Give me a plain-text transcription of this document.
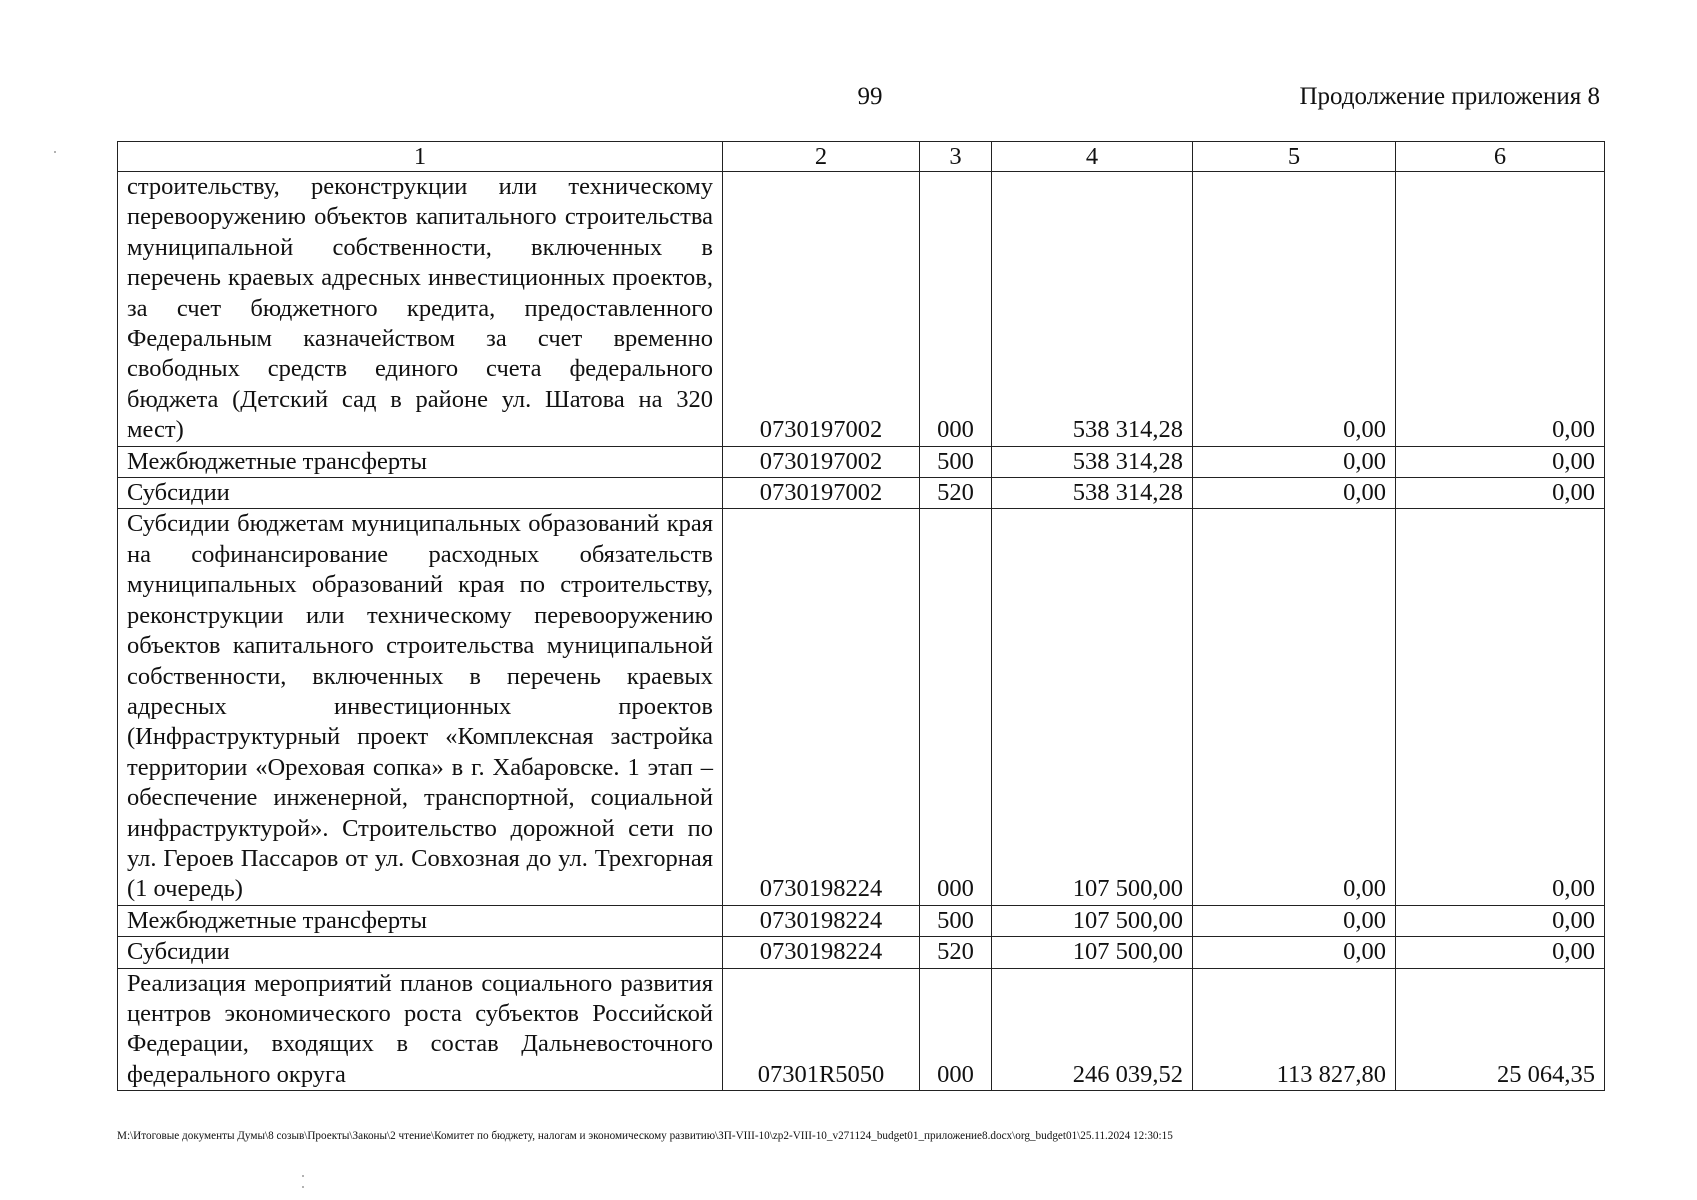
99	Продолжение приложения 8
1	2	3	4	5	6
строительству, реконструкции или техническому перевооружению объектов капитального строительства муниципальной собственности, включенных в перечень краевых адресных инвестиционных проектов, за счет бюджетного кредита, предоставленного Федеральным казначейством за счет временно свободных средств единого счета федерального бюджета (Детский сад в районе ул. Шатова на 320 мест)	0730197002	000	538 314,28	0,00	0,00
Межбюджетные трансферты	0730197002	500	538 314,28	0,00	0,00
Субсидии	0730197002	520	538 314,28	0,00	0,00
Субсидии бюджетам муниципальных образований края на софинансирование расходных обязательств муниципальных образований края по строительству, реконструкции или техническому перевооружению объектов капитального строительства муниципальной собственности, включенных в перечень краевых адресных инвестиционных проектов (Инфраструктурный проект «Комплексная застройка территории «Ореховая сопка» в г. Хабаровске. 1 этап – обеспечение инженерной, транспортной, социальной инфраструктурой». Строительство дорожной сети по ул. Героев Пассаров от ул. Совхозная до ул. Трехгорная (1 очередь)	0730198224	000	107 500,00	0,00	0,00
Межбюджетные трансферты	0730198224	500	107 500,00	0,00	0,00
Субсидии	0730198224	520	107 500,00	0,00	0,00
Реализация мероприятий планов социального развития центров экономического роста субъектов Российской Федерации, входящих в состав Дальневосточного федерального округа	07301R5050	000	246 039,52	113 827,80	25 064,35
M:\Итоговые документы Думы\8 созыв\Проекты\Законы\2 чтение\Комитет по бюджету, налогам и экономическому развитию\ЗП-VIII-10\zp2-VIII-10_v271124_budget01_приложение8.docx\org_budget01\25.11.2024 12:30:15
